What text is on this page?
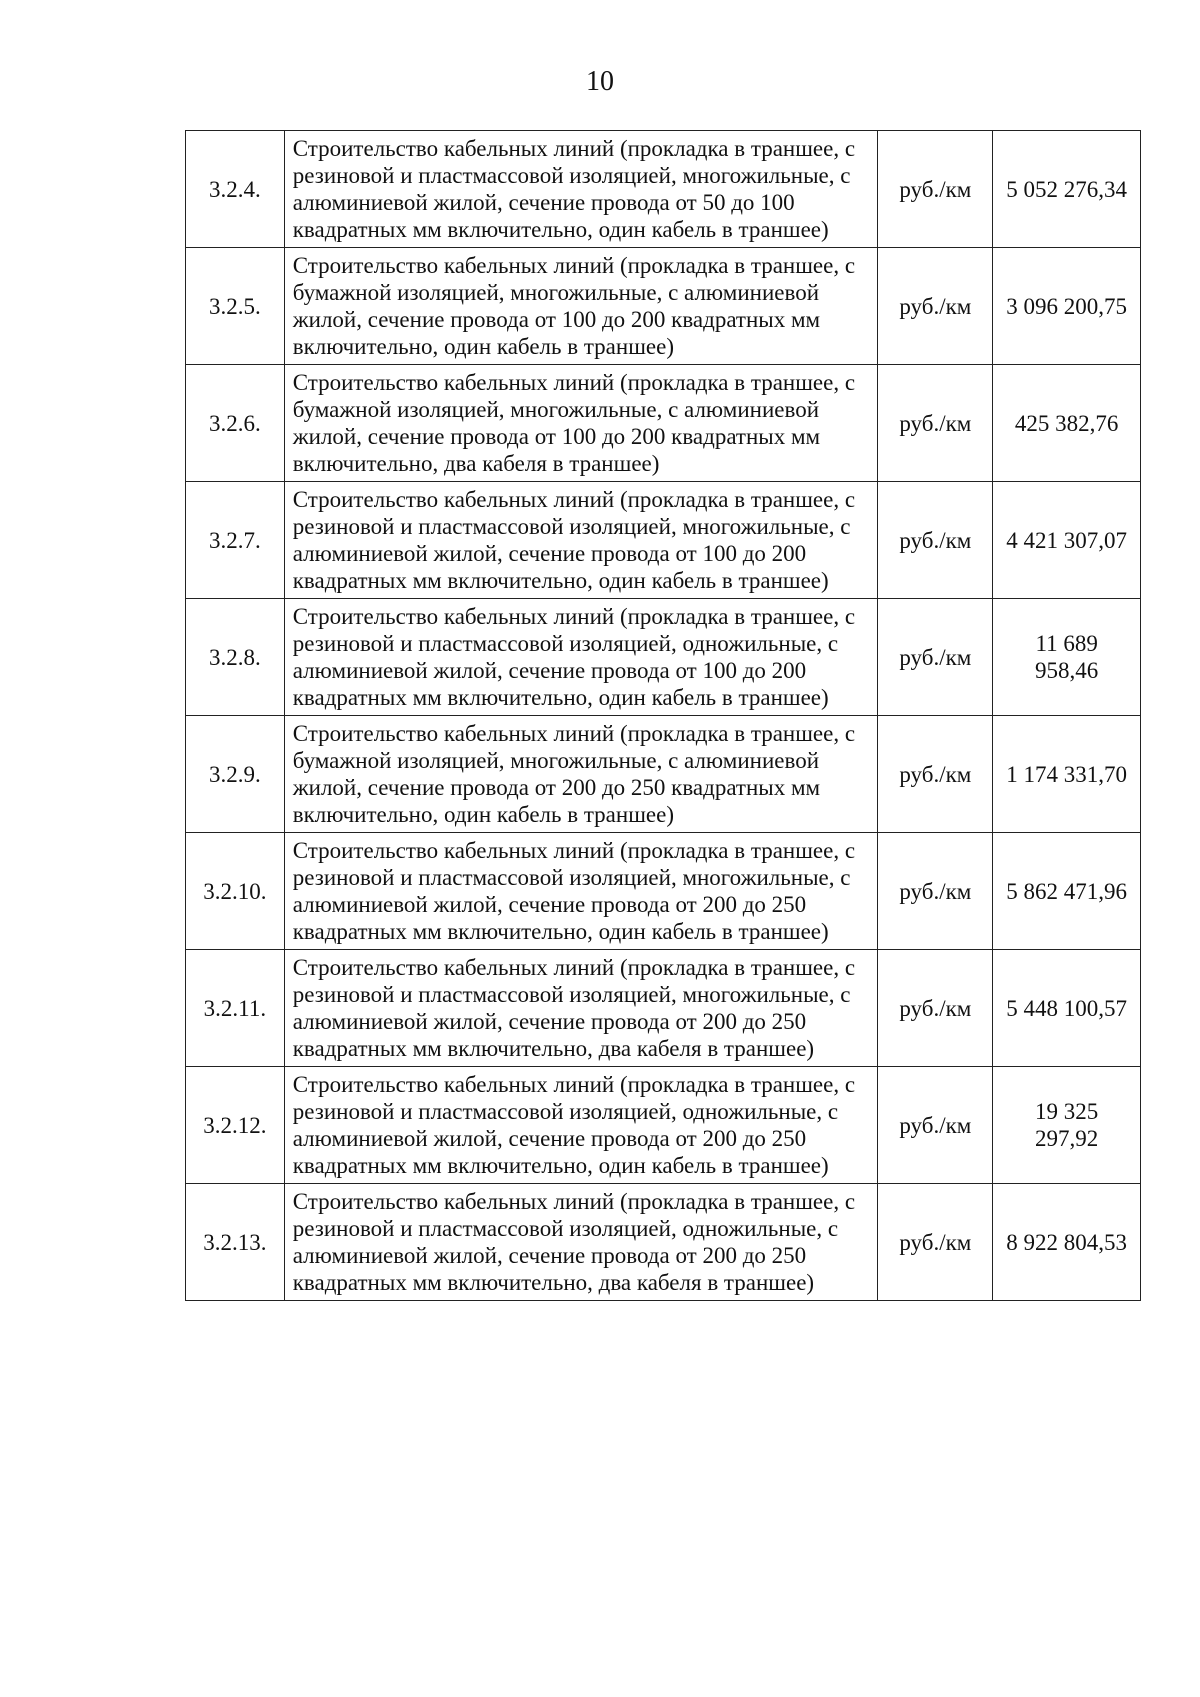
10
3.2.4.	Строительство кабельных линий (прокладка в траншее, с резиновой и пластмассовой изоляцией, многожильные, с алюминиевой жилой, сечение провода от 50 до 100 квадратных мм включительно, один кабель в траншее)	руб./км	5 052 276,34
3.2.5.	Строительство кабельных линий (прокладка в траншее, с бумажной изоляцией, многожильные, с алюминиевой жилой, сечение провода от 100 до 200 квадратных мм включительно, один кабель в траншее)	руб./км	3 096 200,75
3.2.6.	Строительство кабельных линий (прокладка в траншее, с бумажной изоляцией, многожильные, с алюминиевой жилой, сечение провода от 100 до 200 квадратных мм включительно, два кабеля в траншее)	руб./км	425 382,76
3.2.7.	Строительство кабельных линий (прокладка в траншее, с резиновой и пластмассовой изоляцией, многожильные, с алюминиевой жилой, сечение провода от 100 до 200 квадратных мм включительно, один кабель в траншее)	руб./км	4 421 307,07
3.2.8.	Строительство кабельных линий (прокладка в траншее, с резиновой и пластмассовой изоляцией, одножильные, с алюминиевой жилой, сечение провода от 100 до 200 квадратных мм включительно, один кабель в траншее)	руб./км	11 689 958,46
3.2.9.	Строительство кабельных линий (прокладка в траншее, с бумажной изоляцией, многожильные, с алюминиевой жилой, сечение провода от 200 до 250 квадратных мм включительно, один кабель в траншее)	руб./км	1 174 331,70
3.2.10.	Строительство кабельных линий (прокладка в траншее, с резиновой и пластмассовой изоляцией, многожильные, с алюминиевой жилой, сечение провода от 200 до 250 квадратных мм включительно, один кабель в траншее)	руб./км	5 862 471,96
3.2.11.	Строительство кабельных линий (прокладка в траншее, с резиновой и пластмассовой изоляцией, многожильные, с алюминиевой жилой, сечение провода от 200 до 250 квадратных мм включительно, два кабеля в траншее)	руб./км	5 448 100,57
3.2.12.	Строительство кабельных линий (прокладка в траншее, с резиновой и пластмассовой изоляцией, одножильные, с алюминиевой жилой, сечение провода от 200 до 250 квадратных мм включительно, один кабель в траншее)	руб./км	19 325 297,92
3.2.13.	Строительство кабельных линий (прокладка в траншее, с резиновой и пластмассовой изоляцией, одножильные, с алюминиевой жилой, сечение провода от 200 до 250 квадратных мм включительно, два кабеля в траншее)	руб./км	8 922 804,53
